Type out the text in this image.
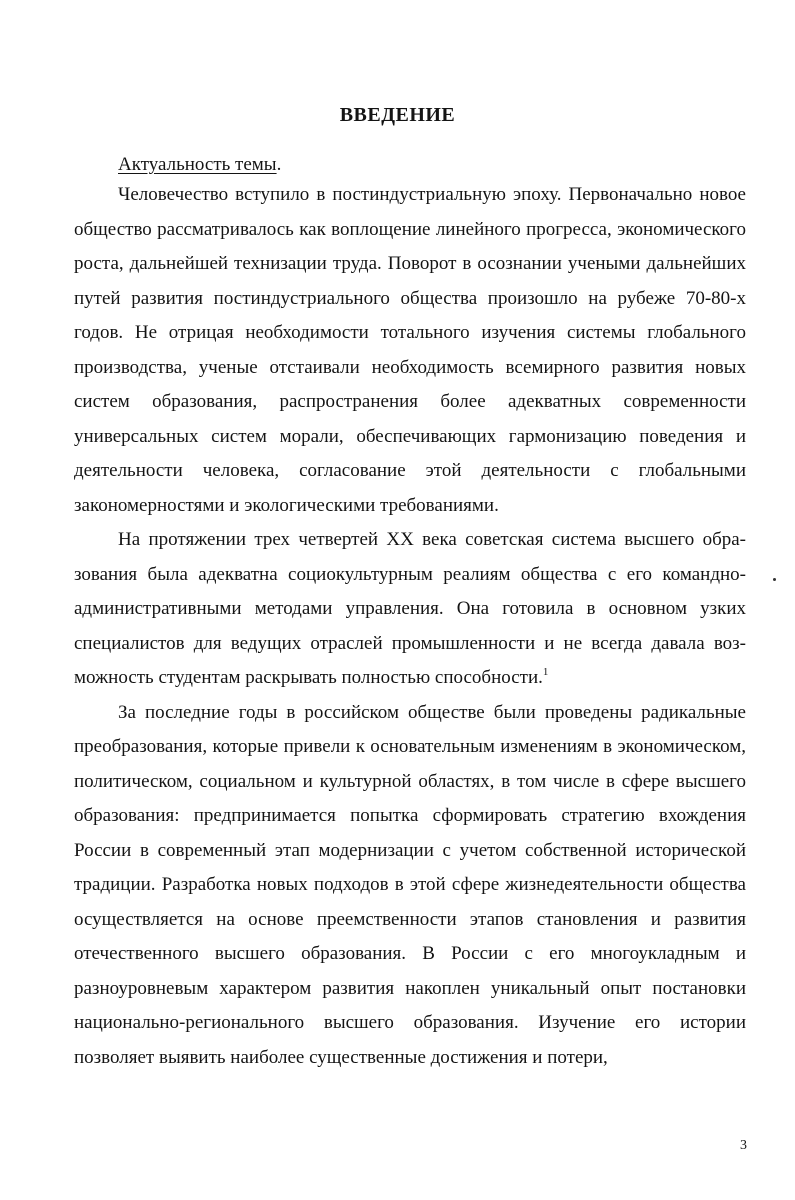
ВВЕДЕНИЕ
Актуальность темы.

Человечество вступило в постиндустриальную эпоху. Первоначально новое общество рассматривалось как воплощение линейного прогресса, экономического роста, дальнейшей технизации труда. Поворот в осознании учеными дальнейших путей развития постиндустриального общества произошло на рубеже 70-80-х годов. Не отрицая необходимости тотального изучения системы глобального производства, ученые отстаивали необходимость всемирного развития новых систем образования, распространения более адекватных современности универсальных систем морали, обеспечивающих гармонизацию поведения и деятельности человека, согласование этой деятельности с глобальными закономерностями и экологическими требованиями.

На протяжении трех четвертей XX века советская система высшего образования была адекватна социокультурным реалиям общества с его командно-административными методами управления. Она готовила в основном узких специалистов для ведущих отраслей промышленности и не всегда давала возможность студентам раскрывать полностью способности.$^1$

За последние годы в российском обществе были проведены радикальные преобразования, которые привели к основательным изменениям в экономическом, политическом, социальном и культурной областях, в том числе в сфере высшего образования: предпринимается попытка сформировать стратегию вхождения России в современный этап модернизации с учетом собственной исторической традиции. Разработка новых подходов в этой сфере жизнедеятельности общества осуществляется на основе преемственности этапов становления и развития отечественного высшего образования. В России с его многоукладным и разноуровневым характером развития накоплен уникальный опыт постановки национально-регионального высшего образования. Изучение его истории позволяет выявить наиболее существенные достижения и потери,

3
